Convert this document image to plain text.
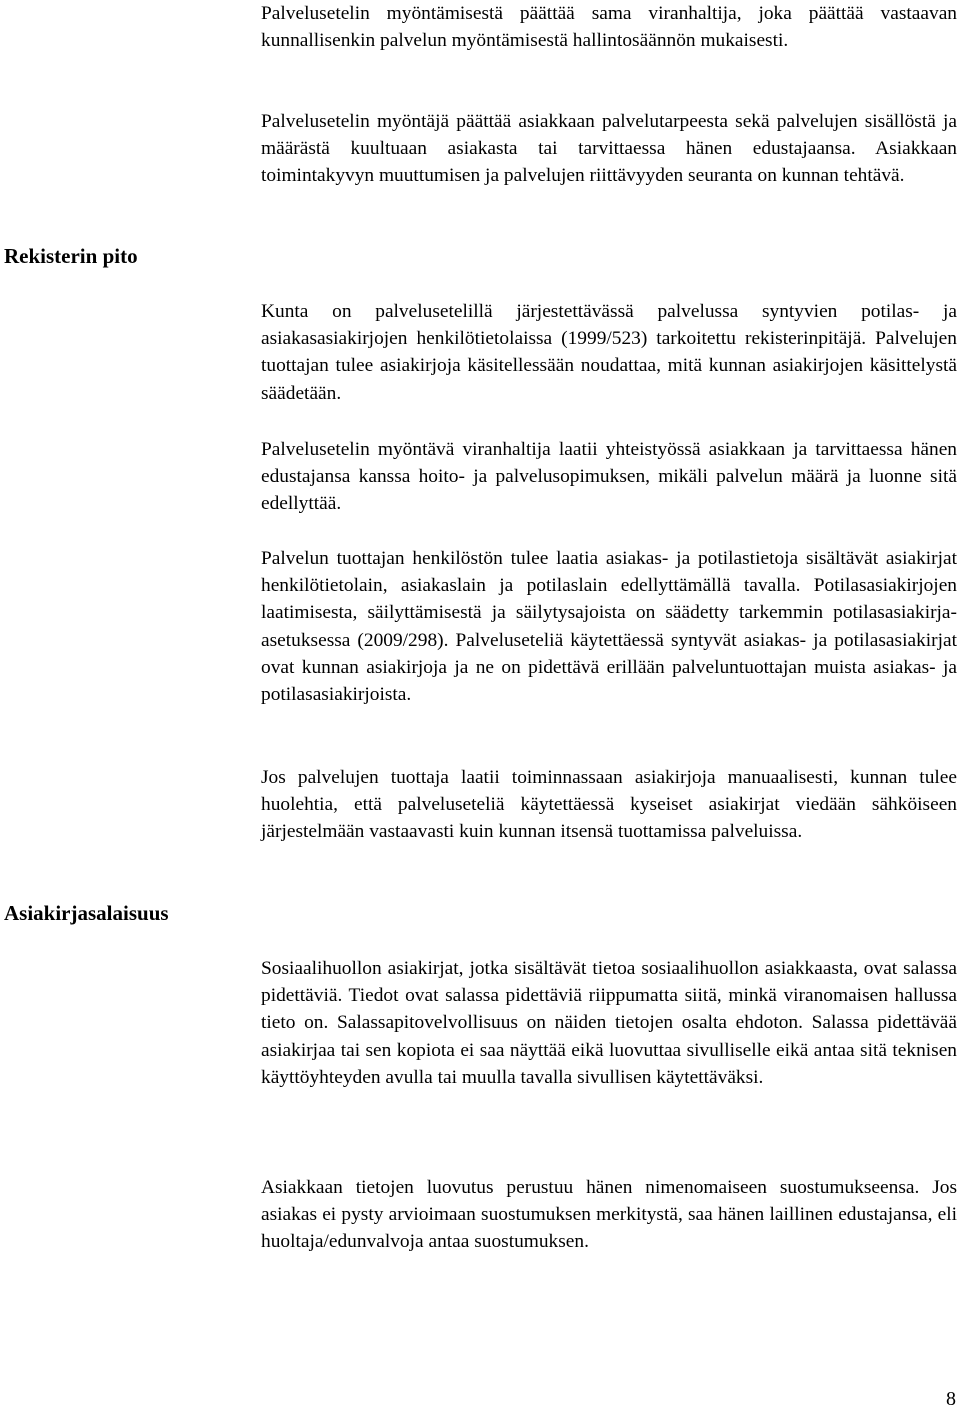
Palvelusetelin myöntämisestä päättää sama viranhaltija, joka päättää vastaavan kunnallisenkin palvelun myöntämisestä hallintosäännön mukaisesti.

Palvelusetelin myöntäjä päättää asiakkaan palvelutarpeesta sekä palvelujen sisällöstä ja määrästä kuultuaan asiakasta tai tarvittaessa hänen edustajaansa. Asiakkaan toimintakyvyn muuttumisen ja palvelujen riittävyyden seuranta on kunnan tehtävä.

Rekisterin pito

Kunta on palvelusetelillä järjestettävässä palvelussa syntyvien potilas- ja asiakasasiakirjojen henkilötietolaissa (1999/523) tarkoitettu rekisterinpitäjä. Palvelujen tuottajan tulee asiakirjoja käsitellessään noudattaa, mitä kunnan asiakirjojen käsittelystä säädetään.

Palvelusetelin myöntävä viranhaltija laatii yhteistyössä asiakkaan ja tarvittaessa hänen edustajansa kanssa hoito- ja palvelusopimuksen, mikäli palvelun määrä ja luonne sitä edellyttää.

Palvelun tuottajan henkilöstön tulee laatia asiakas- ja potilastietoja sisältävät asiakirjat henkilötietolain, asiakaslain ja potilaslain edellyttämällä tavalla. Potilasasiakirjojen laatimisesta, säilyttämisestä ja säilytysajoista on säädetty tarkemmin potilasasiakirja-asetuksessa (2009/298). Palveluseteliä käytettäessä syntyvät asiakas- ja potilasasiakirjat ovat kunnan asiakirjoja ja ne on pidettävä erillään palveluntuottajan muista asiakas- ja potilasasiakirjoista.

Jos palvelujen tuottaja laatii toiminnassaan asiakirjoja manuaalisesti, kunnan tulee huolehtia, että palveluseteliä käytettäessä kyseiset asiakirjat viedään sähköiseen järjestelmään vastaavasti kuin kunnan itsensä tuottamissa palveluissa.

Asiakirjasalaisuus

Sosiaalihuollon asiakirjat, jotka sisältävät tietoa sosiaalihuollon asiakkaasta, ovat salassa pidettäviä. Tiedot ovat salassa pidettäviä riippumatta siitä, minkä viranomaisen hallussa tieto on. Salassapitovelvollisuus on näiden tietojen osalta ehdoton. Salassa pidettävää asiakirjaa tai sen kopiota ei saa näyttää eikä luovuttaa sivulliselle eikä antaa sitä teknisen käyttöyhteyden avulla tai muulla tavalla sivullisen käytettäväksi.

Asiakkaan tietojen luovutus perustuu hänen nimenomaiseen suostumukseensa. Jos asiakas ei pysty arvioimaan suostumuksen merkitystä, saa hänen laillinen edustajansa, eli huoltaja/edunvalvoja antaa suostumuksen.

8
